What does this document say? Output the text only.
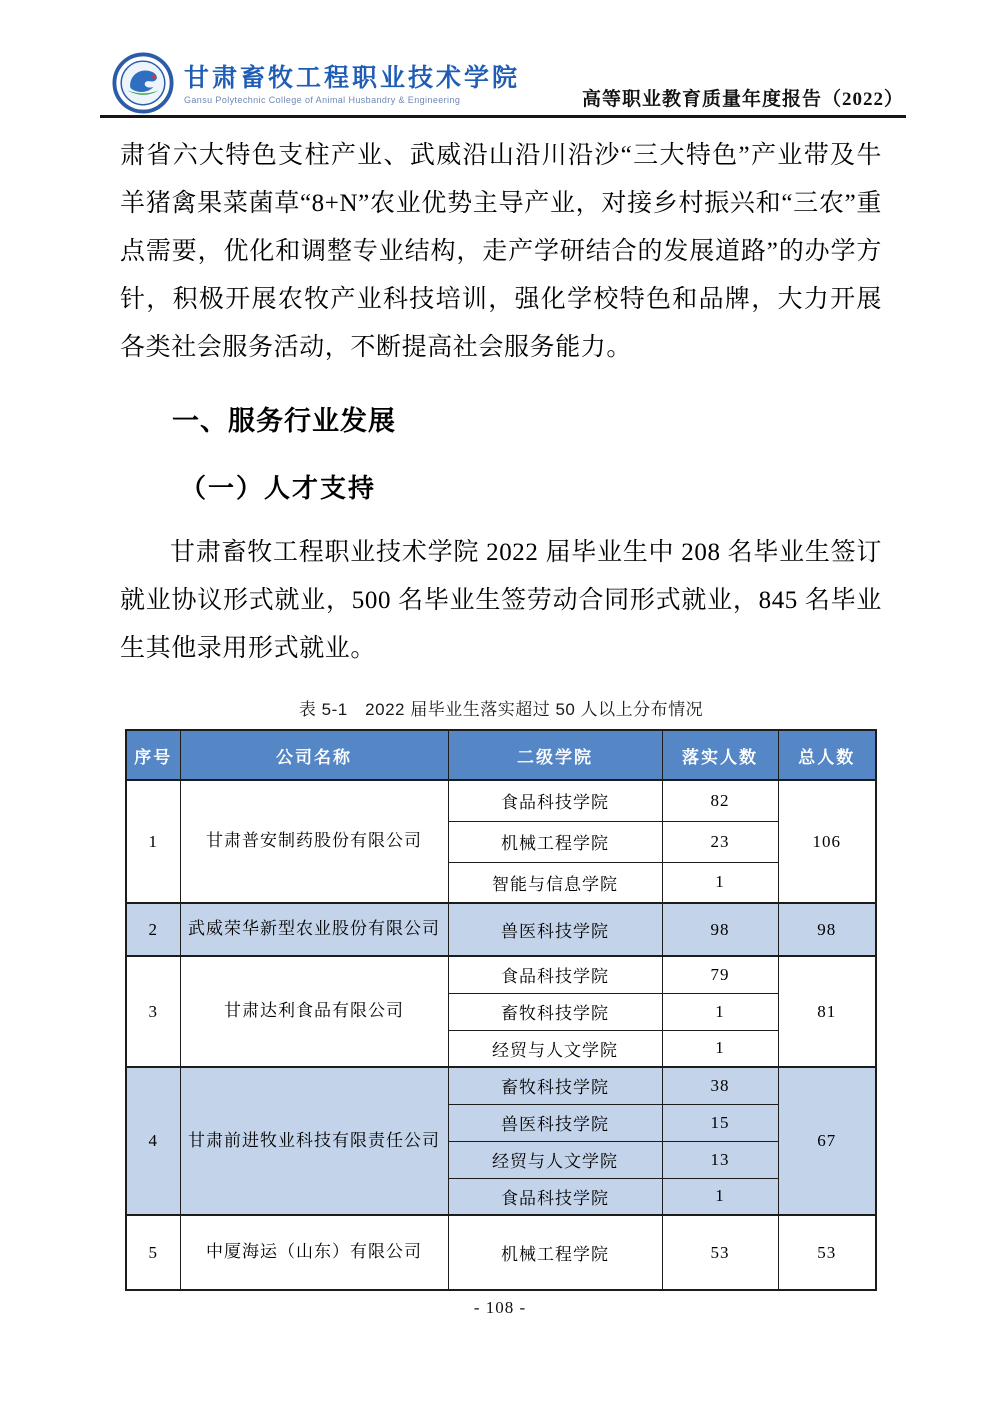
甘肃畜牧工程职业技术学院
Gansu Polytechnic College of Animal Husbandry & Engineering	高等职业教育质量年度报告（2022）

肃省六大特色支柱产业、武威沿山沿川沿沙“三大特色”产业带及牛羊猪禽果菜菌草“8+N”农业优势主导产业，对接乡村振兴和“三农”重点需要，优化和调整专业结构，走产学研结合的发展道路”的办学方针，积极开展农牧产业科技培训，强化学校特色和品牌，大力开展各类社会服务活动，不断提高社会服务能力。

一、服务行业发展
（一）人才支持

甘肃畜牧工程职业技术学院 2022 届毕业生中 208 名毕业生签订就业协议形式就业，500 名毕业生签劳动合同形式就业，845 名毕业生其他录用形式就业。

表 5-1　2022 届毕业生落实超过 50 人以上分布情况
序号	公司名称	二级学院	落实人数	总人数
1	甘肃普安制药股份有限公司	食品科技学院	82	106
		机械工程学院	23	
		智能与信息学院	1	
2	武威荣华新型农业股份有限公司	兽医科技学院	98	98
3	甘肃达利食品有限公司	食品科技学院	79	81
		畜牧科技学院	1	
		经贸与人文学院	1	
4	甘肃前进牧业科技有限责任公司	畜牧科技学院	38	67
		兽医科技学院	15	
		经贸与人文学院	13	
		食品科技学院	1	
5	中厦海运（山东）有限公司	机械工程学院	53	53
- 108 -
